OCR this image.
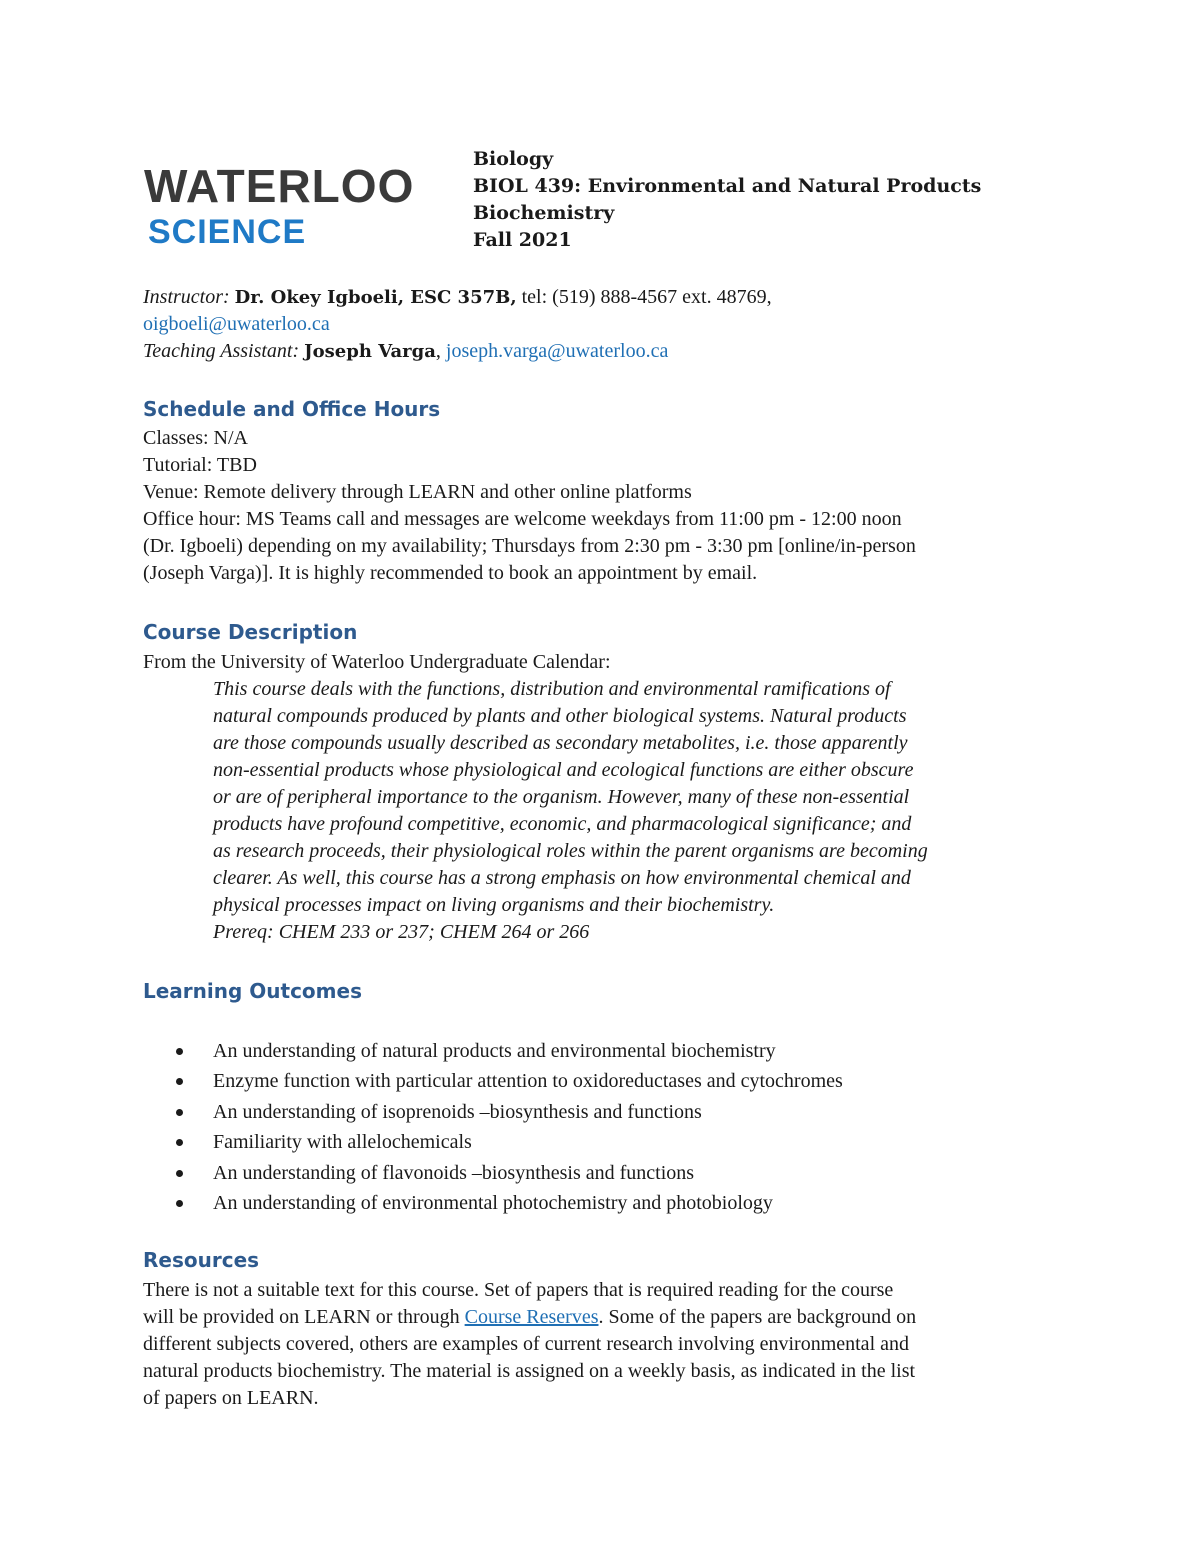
WATERLOO
SCIENCE
Biology
BIOL 439: Environmental and Natural Products
Biochemistry
Fall 2021
Instructor: Dr. Okey Igboeli, ESC 357B, tel: (519) 888-4567 ext. 48769,
oigboeli@uwaterloo.ca
Teaching Assistant: Joseph Varga, joseph.varga@uwaterloo.ca
Schedule and Office Hours
Classes: N/A
Tutorial: TBD
Venue: Remote delivery through LEARN and other online platforms
Office hour: MS Teams call and messages are welcome weekdays from 11:00 pm - 12:00 noon
(Dr. Igboeli) depending on my availability; Thursdays from 2:30 pm - 3:30 pm [online/in-person
(Joseph Varga)]. It is highly recommended to book an appointment by email.
Course Description
From the University of Waterloo Undergraduate Calendar:
This course deals with the functions, distribution and environmental ramifications of
natural compounds produced by plants and other biological systems. Natural products
are those compounds usually described as secondary metabolites, i.e. those apparently
non-essential products whose physiological and ecological functions are either obscure
or are of peripheral importance to the organism. However, many of these non-essential
products have profound competitive, economic, and pharmacological significance; and
as research proceeds, their physiological roles within the parent organisms are becoming
clearer. As well, this course has a strong emphasis on how environmental chemical and
physical processes impact on living organisms and their biochemistry.
Prereq: CHEM 233 or 237; CHEM 264 or 266
Learning Outcomes
An understanding of natural products and environmental biochemistry
Enzyme function with particular attention to oxidoreductases and cytochromes
An understanding of isoprenoids –biosynthesis and functions
Familiarity with allelochemicals
An understanding of flavonoids –biosynthesis and functions
An understanding of environmental photochemistry and photobiology
Resources
There is not a suitable text for this course. Set of papers that is required reading for the course
will be provided on LEARN or through Course Reserves. Some of the papers are background on
different subjects covered, others are examples of current research involving environmental and
natural products biochemistry. The material is assigned on a weekly basis, as indicated in the list
of papers on LEARN.
